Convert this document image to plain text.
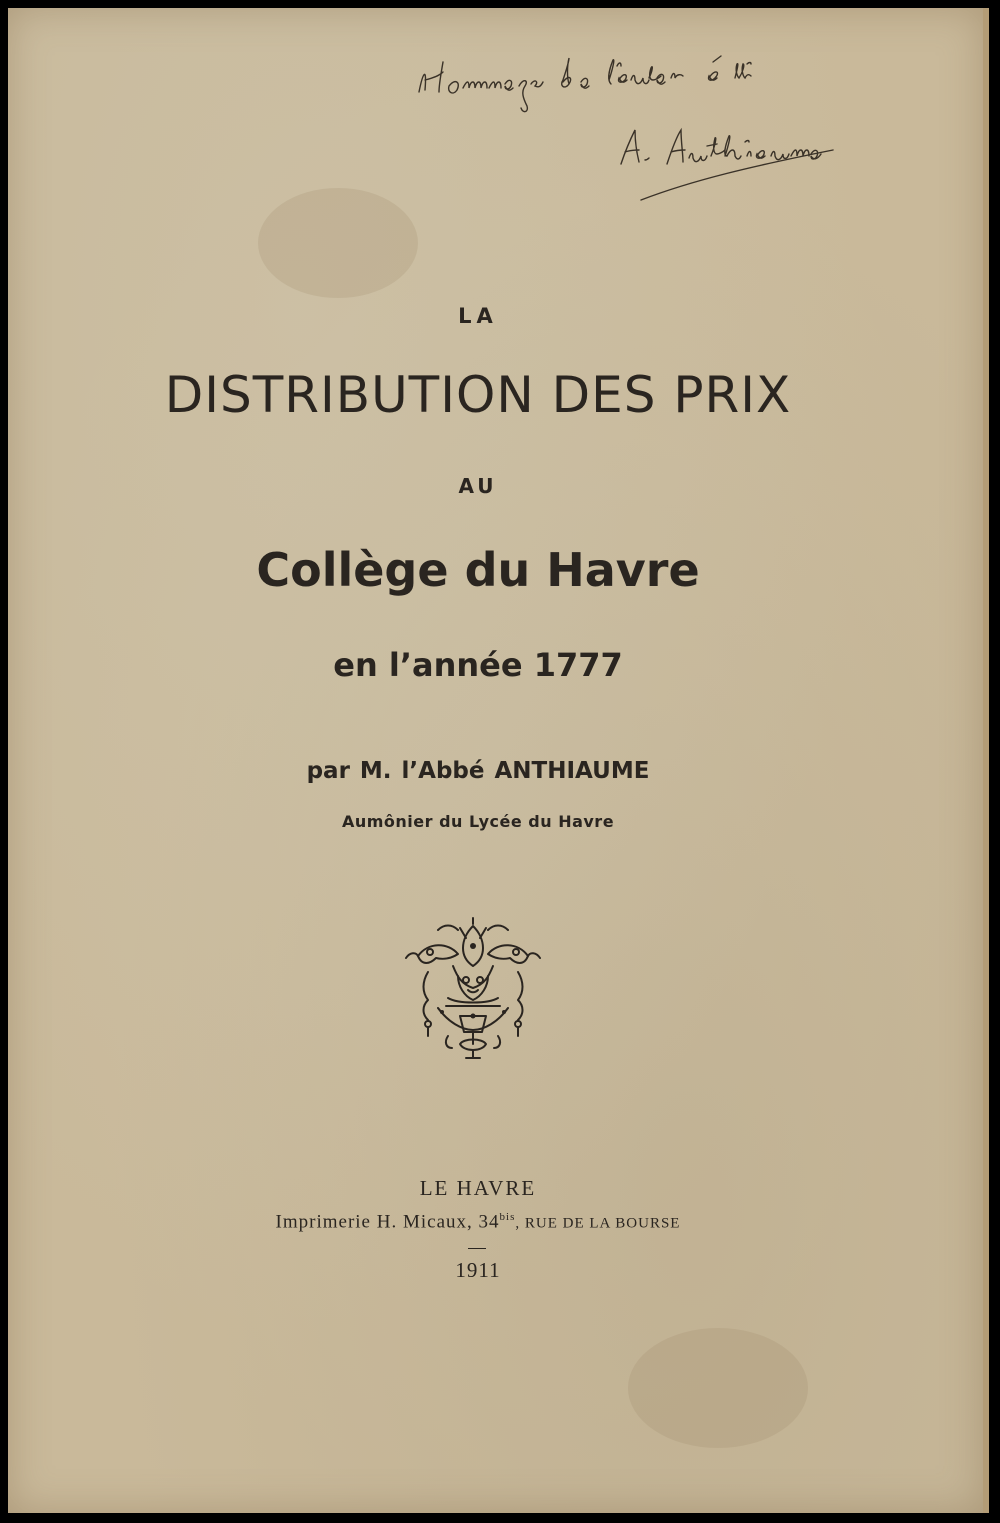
LA
DISTRIBUTION DES PRIX
AU
Collège du Havre
en l’année 1777
par M. l’Abbé ANTHIAUME
Aumônier du Lycée du Havre
LE HAVRE
Imprimerie H. Micaux, $34^{bis}$, RUE DE LA BOURSE
1911
